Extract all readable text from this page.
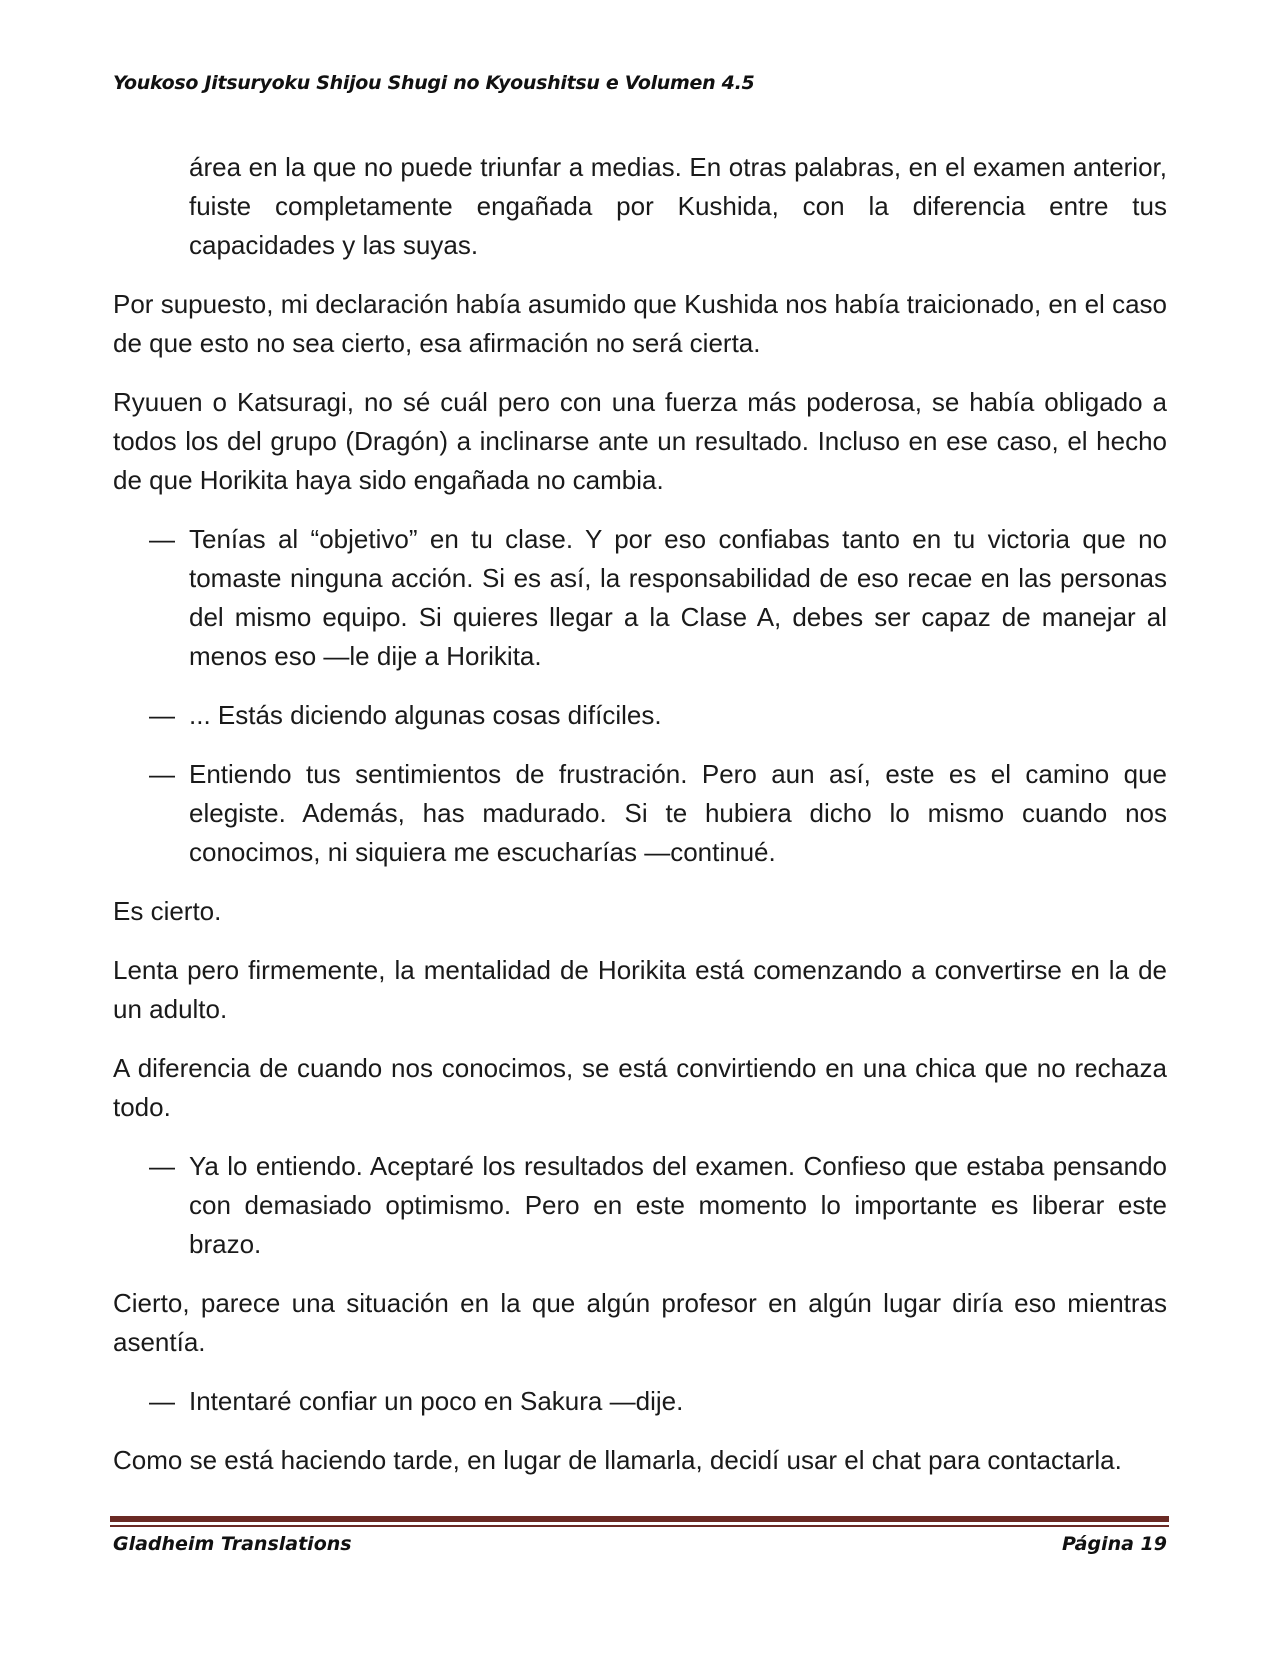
Youkoso Jitsuryoku Shijou Shugi no Kyoushitsu e Volumen 4.5

área en la que no puede triunfar a medias. En otras palabras, en el examen anterior, fuiste completamente engañada por Kushida, con la diferencia entre tus capacidades y las suyas.

Por supuesto, mi declaración había asumido que Kushida nos había traicionado, en el caso de que esto no sea cierto, esa afirmación no será cierta.

Ryuuen o Katsuragi, no sé cuál pero con una fuerza más poderosa, se había obligado a todos los del grupo (Dragón) a inclinarse ante un resultado. Incluso en ese caso, el hecho de que Horikita haya sido engañada no cambia.

— Tenías al “objetivo” en tu clase. Y por eso confiabas tanto en tu victoria que no tomaste ninguna acción. Si es así, la responsabilidad de eso recae en las personas del mismo equipo. Si quieres llegar a la Clase A, debes ser capaz de manejar al menos eso —le dije a Horikita.

— ... Estás diciendo algunas cosas difíciles.

— Entiendo tus sentimientos de frustración. Pero aun así, este es el camino que elegiste. Además, has madurado. Si te hubiera dicho lo mismo cuando nos conocimos, ni siquiera me escucharías —continué.

Es cierto.

Lenta pero firmemente, la mentalidad de Horikita está comenzando a convertirse en la de un adulto.

A diferencia de cuando nos conocimos, se está convirtiendo en una chica que no rechaza todo.

— Ya lo entiendo. Aceptaré los resultados del examen. Confieso que estaba pensando con demasiado optimismo. Pero en este momento lo importante es liberar este brazo.

Cierto, parece una situación en la que algún profesor en algún lugar diría eso mientras asentía.

— Intentaré confiar un poco en Sakura —dije.

Como se está haciendo tarde, en lugar de llamarla, decidí usar el chat para contactarla.

Gladheim Translations	Página 19
